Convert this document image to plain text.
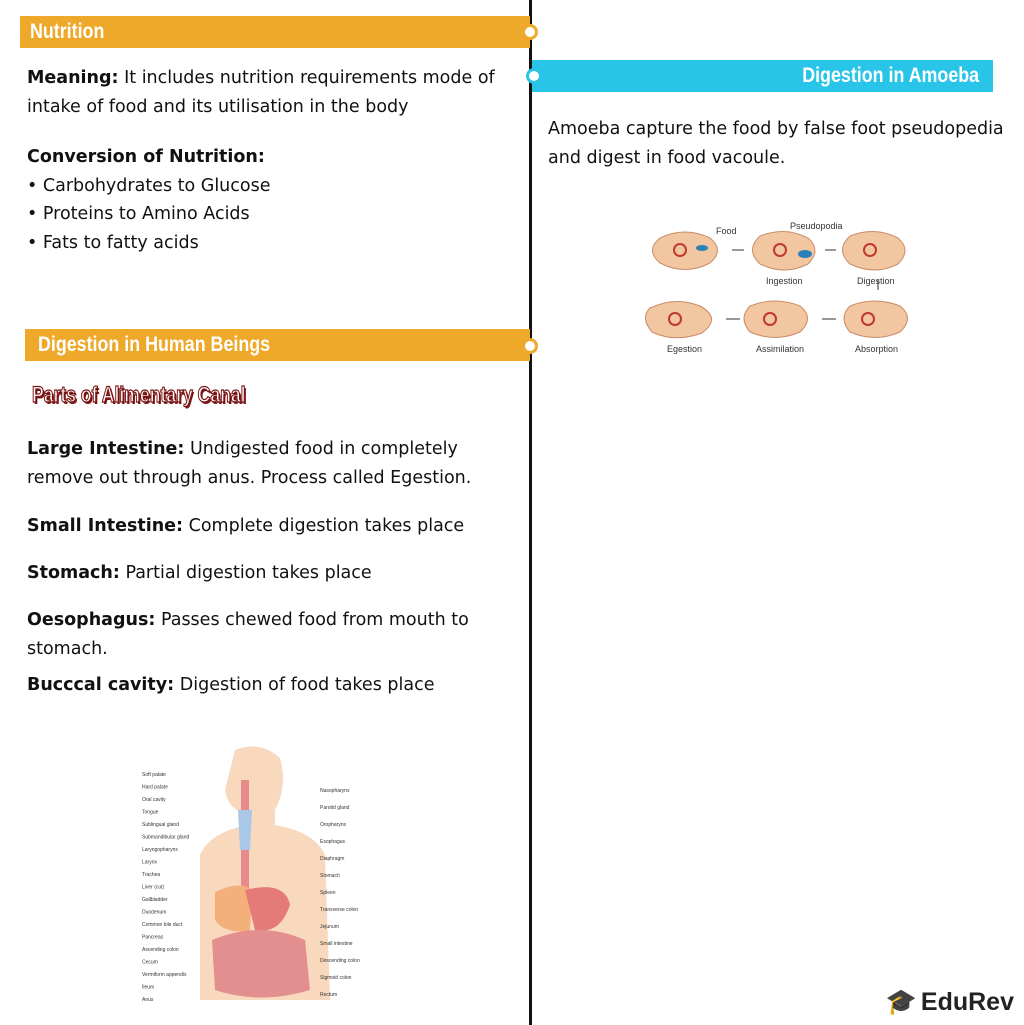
Nutrition
Meaning: It includes nutrition requirements mode of intake of food and its utilisation in the body
Conversion of Nutrition:
• Carbohydrates to Glucose
• Proteins to Amino Acids
• Fats to fatty acids
Digestion in Human Beings
Parts of Alimentary Canal
Large Intestine: Undigested food in completely remove out through anus. Process called Egestion.
Small Intestine: Complete digestion takes place
Stomach: Partial digestion takes place
Oesophagus: Passes chewed food from mouth to stomach.
Bucccal cavity: Digestion of food takes place
Soft palate
Hard palate
Oral cavity
Tongue
Sublingual gland
Submandibular gland
Laryngopharynx
Larynx
Trachea
Liver (cut)
Gallbladder
Duodenum
Common bile duct
Pancreas
Ascending colon
Cecum
Vermiform appendix
Ileum
Anus
Nasopharynx
Parotid gland
Oropharynx
Esophagus
Diaphragm
Stomach
Spleen
Transverse colon
Jejunum
Small intestine
Descending colon
Sigmoid colon
Rectum
Digestion in Amoeba
Amoeba capture the food by false foot pseudopedia and digest in food vacoule.
Food	Pseudopodia
Ingestion	Digestion
Egestion	Assimilation	Absorption
🎓 EduRev
